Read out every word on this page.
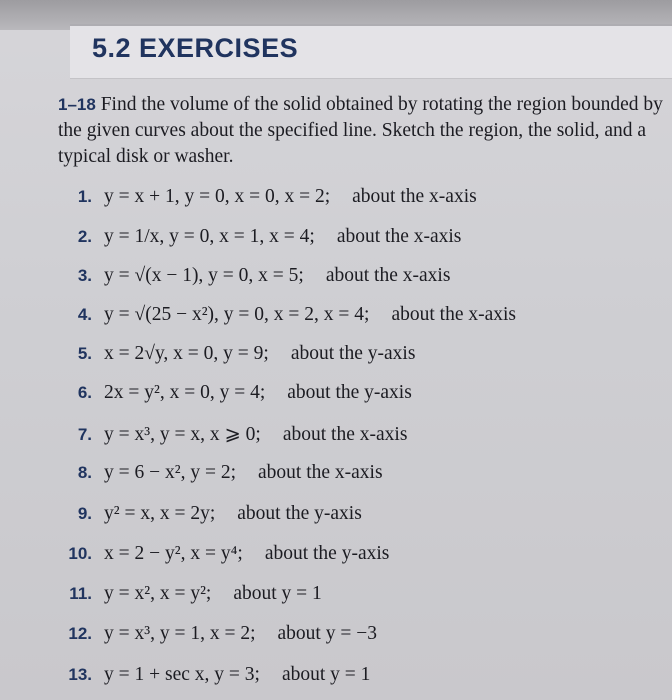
5.2 EXERCISES
1–18 Find the volume of the solid obtained by rotating the region bounded by the given curves about the specified line. Sketch the region, the solid, and a typical disk or washer.
1. y = x + 1, y = 0, x = 0, x = 2; about the x-axis
2. y = 1/x, y = 0, x = 1, x = 4; about the x-axis
3. y = √(x − 1), y = 0, x = 5; about the x-axis
4. y = √(25 − x²), y = 0, x = 2, x = 4; about the x-axis
5. x = 2√y, x = 0, y = 9; about the y-axis
6. 2x = y², x = 0, y = 4; about the y-axis
7. y = x³, y = x, x ⩾ 0; about the x-axis
8. y = 6 − x², y = 2; about the x-axis
9. y² = x, x = 2y; about the y-axis
10. x = 2 − y², x = y⁴; about the y-axis
11. y = x², x = y²; about y = 1
12. y = x³, y = 1, x = 2; about y = −3
13. y = 1 + sec x, y = 3; about y = 1
